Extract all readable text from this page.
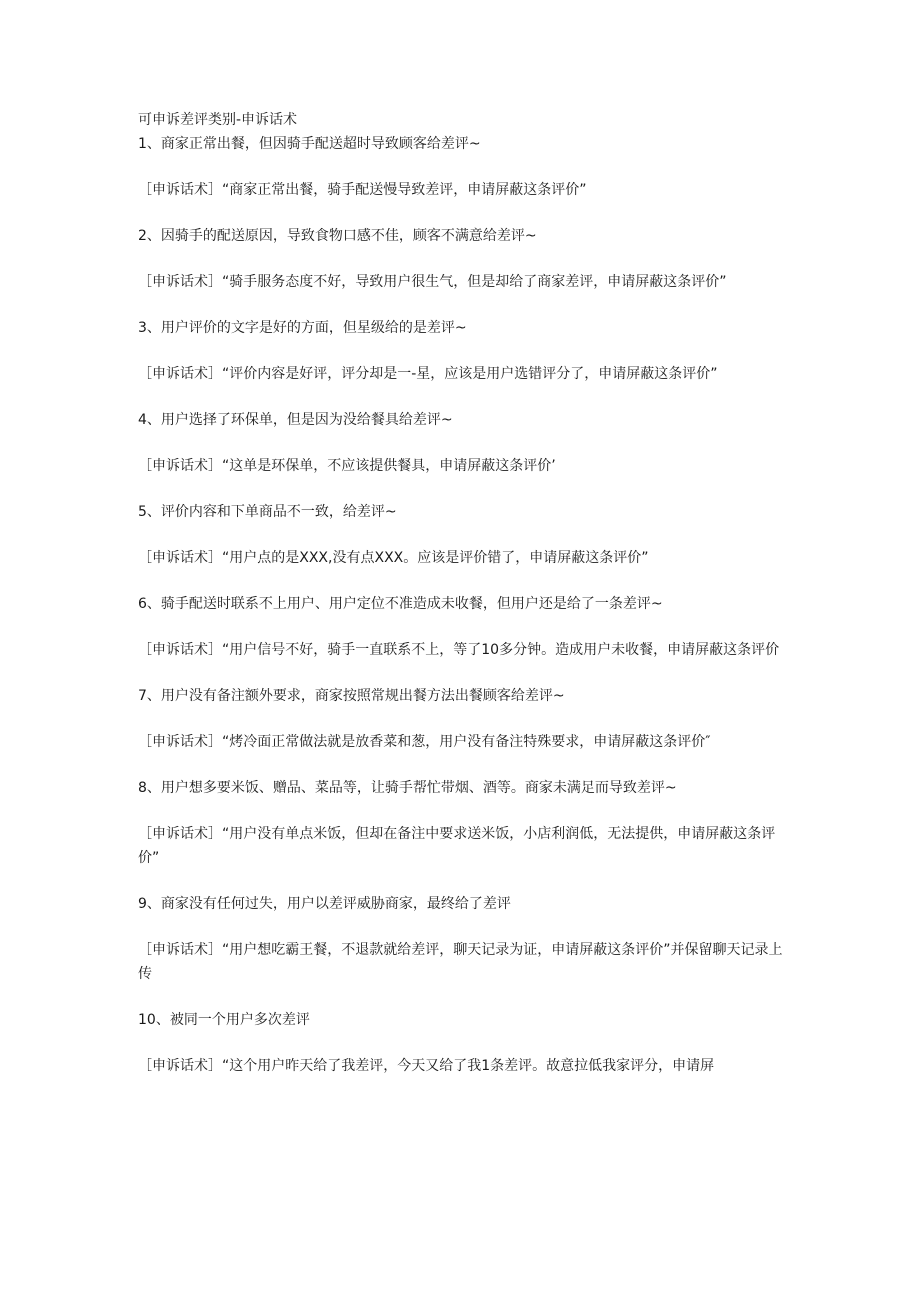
可申诉差评类别-申诉话术

1、商家正常出餐，但因骑手配送超时导致顾客给差评~

［申诉话术］“商家正常出餐，骑手配送慢导致差评，申请屏蔽这条评价”

2、因骑手的配送原因，导致食物口感不佳，顾客不满意给差评~

［申诉话术］“骑手服务态度不好，导致用户很生气，但是却给了商家差评，申请屏蔽这条评价”

3、用户评价的文字是好的方面，但星级给的是差评~

［申诉话术］“评价内容是好评，评分却是一-星，应该是用户选错评分了，申请屏蔽这条评价”

4、用户选择了环保单，但是因为没给餐具给差评~

［申诉话术］“这单是环保单，不应该提供餐具，申请屏蔽这条评价’

5、评价内容和下单商品不一致，给差评~

［申诉话术］“用户点的是XXX,没有点XXX。应该是评价错了，申请屏蔽这条评价”

6、骑手配送时联系不上用户、用户定位不准造成未收餐，但用户还是给了一条差评~

［申诉话术］“用户信号不好，骑手一直联系不上，等了10多分钟。造成用户未收餐，申请屏蔽这条评价

7、用户没有备注额外要求，商家按照常规出餐方法出餐顾客给差评~

［申诉话术］“烤冷面正常做法就是放香菜和葱，用户没有备注特殊要求，申请屏蔽这条评价″

8、用户想多要米饭、赠品、菜品等，让骑手帮忙带烟、酒等。商家未满足而导致差评~

［申诉话术］“用户没有单点米饭，但却在备注中要求送米饭，小店利润低，无法提供，申请屏蔽这条评价”

9、商家没有任何过失，用户以差评威胁商家，最终给了差评

［申诉话术］“用户想吃霸王餐，不退款就给差评，聊天记录为证，申请屏蔽这条评价”并保留聊天记录上传

10、被同一个用户多次差评

［申诉话术］“这个用户昨天给了我差评，今天又给了我1条差评。故意拉低我家评分，申请屏
